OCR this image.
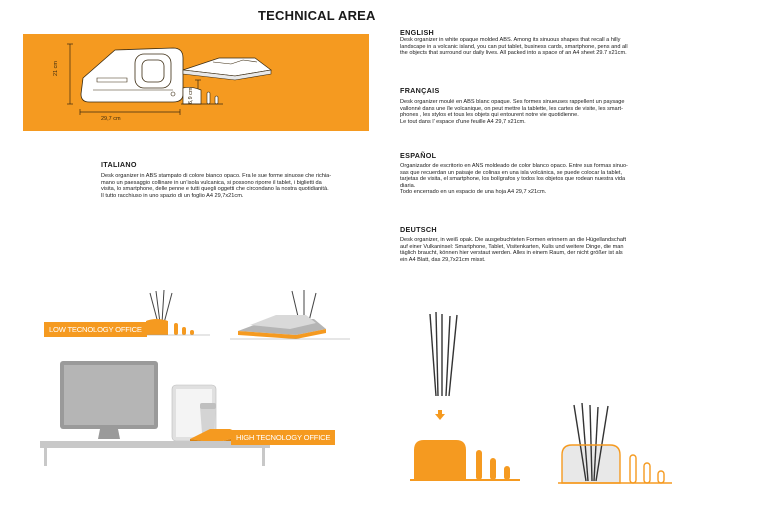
TECHNICAL AREA
21 cm
29,7 cm
6,9 cm
ENGLISH
Desk organizer in white opaque molded ABS. Among its sinuous shapes that recall a hilly
landscape in a volcanic island, you can put tablet, business cards, smartphone, pens and all
the objects that surround our daily lives. All packed into a space of an A4 sheet 29.7 x21cm.
FRANÇAIS
Desk organizer moulé en ABS blanc opaque. Ses formes sinueuses rappellent un paysage
vallonné dans une île volcanique, on peut mettre la tablette, les cartes de visite, les smart-
phones , les stylos et tous les objets qui entourent notre vie quotidienne.
Le tout dans l’ espace d’une feuille A4 29,7 x21cm.
ITALIANO
Desk organizer in ABS stampato di colore bianco opaco. Fra le sue forme sinuose che richia-
mano un paesaggio collinare in un’isola vulcanica, si possono riporre il tablet, i biglietti da
visita, lo smartphone, delle penne e tutti quegli oggetti che circondano la nostra quotidianità.
Il tutto racchiuso in uno spazio di un foglio A4 29,7x21cm.
ESPAÑOL
Organizador de escritorio en ANS moldeado de color blanco opaco. Entre sus formas sinuo-
sas que recuerdan un paisaje de colinas en una isla volcánica, se puede colocar la tablet,
tarjetas de visita, el smartphone, los bolígrafos y todos los objetos que rodean nuestra vida
diaria.
Todo encerrado en un espacio de una hoja A4 29,7 x21cm.
DEUTSCH
Desk organizer, in weiß opak. Die ausgebuchteten Formen erinnern an die Hügellandschaft
auf einer Vulkaninsel: Smartphone, Tablet, Visitenkarten, Kulis und weitere Dinge, die man
täglich braucht, können hier verstaut werden. Alles in einem Raum, der nicht größer ist als
ein A4 Blatt, das 29,7x21cm misst.
LOW TECNOLOGY OFFICE
HIGH TECNOLOGY OFFICE
